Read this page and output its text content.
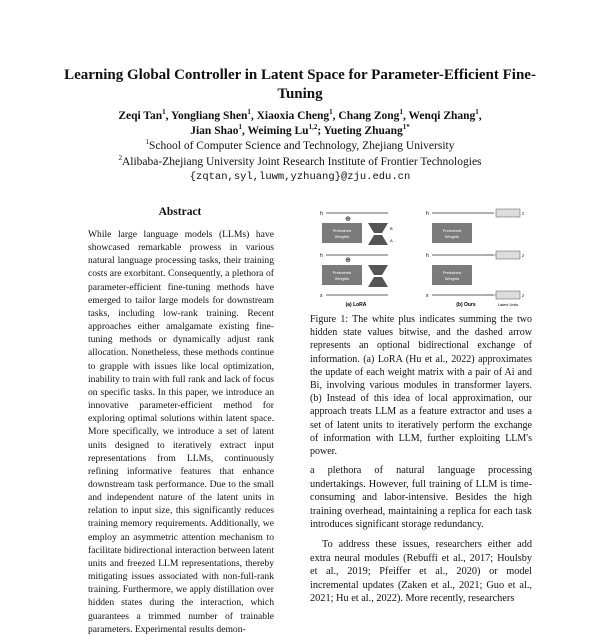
Learning Global Controller in Latent Space for Parameter-Efficient Fine-Tuning
Zeqi Tan$^1$, Yongliang Shen$^1$, Xiaoxia Cheng$^1$, Chang Zong$^1$, Wenqi Zhang$^1$,
Jian Shao$^1$, Weiming Lu$^{1,2}$; Yueting Zhuang$^{1*}$
$^1$School of Computer Science and Technology, Zhejiang University
$^2$Alibaba-Zhejiang University Joint Research Institute of Frontier Technologies
{zqtan,syl,luwm,yzhuang}@zju.edu.cn
Abstract

While large language models (LLMs) have showcased remarkable prowess in various natural language processing tasks, their training costs are exorbitant. Consequently, a plethora of parameter-efficient fine-tuning methods have emerged to tailor large models for downstream tasks, including low-rank training. Recent approaches either amalgamate existing fine-tuning methods or dynamically adjust rank allocation. Nonetheless, these methods continue to grapple with issues like local optimization, inability to train with full rank and lack of focus on specific tasks. In this paper, we introduce an innovative parameter-efficient method for exploring optimal solutions within latent space. More specifically, we introduce a set of latent units designed to iteratively extract input representations from LLMs, continuously refining informative features that enhance downstream task performance. Due to the small and independent nature of the latent units in relation to input size, this significantly reduces training memory requirements. Additionally, we employ an asymmetric attention mechanism to facilitate bidirectional interaction between latent units and freezed LLM representations, thereby mitigating issues associated with non-full-rank training. Furthermore, we apply distillation over hidden states during the interaction, which guarantees a trimmed number of trainable parameters. Experimental results demon-

h
Pretrained
Weights
Pretrained
Weights
B
A
⊕
⊕
h
x
(a) LoRA
h
Pretrained
Weights
Pretrained
Weights
h
x
z
z
z
Latent Units
(b) Ours

Figure 1: The white plus indicates summing the two hidden state values bitwise, and the dashed arrow represents an optional bidirectional exchange of information. (a) LoRA (Hu et al., 2022) approximates the update of each weight matrix with a pair of Ai and Bi, involving various modules in transformer layers. (b) Instead of this idea of local approximation, our approach treats LLM as a feature extractor and uses a set of latent units to iteratively perform the exchange of information with LLM, further exploiting LLM's power.

a plethora of natural language processing undertakings. However, full training of LLM is time-consuming and labor-intensive. Besides the high training overhead, maintaining a replica for each task introduces significant storage redundancy.

To address these issues, researchers either add extra neural modules (Rebuffi et al., 2017; Houlsby et al., 2019; Pfeiffer et al., 2020) or model incremental updates (Zaken et al., 2021; Guo et al., 2021; Hu et al., 2022). More recently, researchers
